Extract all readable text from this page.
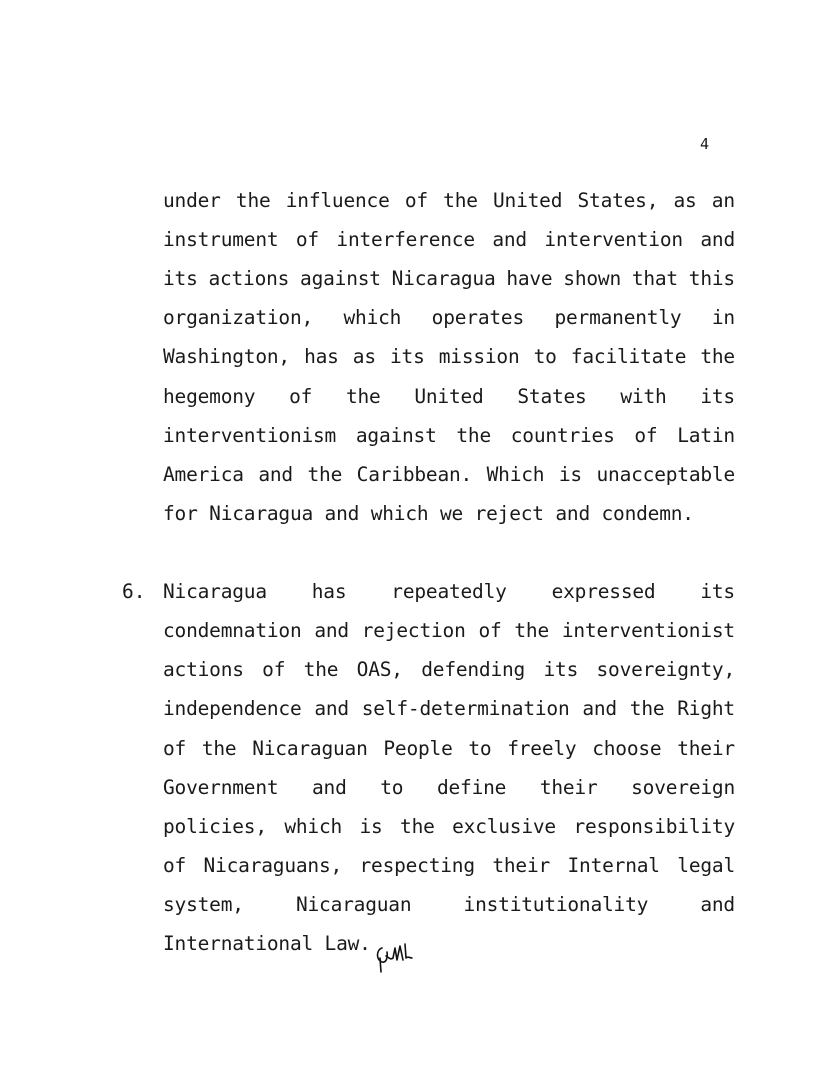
4
under the influence of the United States, as an
instrument of interference and intervention and
its actions against Nicaragua have shown that this
organization, which operates permanently in
Washington, has as its mission to facilitate the
hegemony of the United States with its
interventionism against the countries of Latin
America and the Caribbean. Which is unacceptable
for Nicaragua and which we reject and condemn.
6. Nicaragua has repeatedly expressed its
condemnation and rejection of the interventionist
actions of the OAS, defending its sovereignty,
independence and self-determination and the Right
of the Nicaraguan People to freely choose their
Government and to define their sovereign
policies, which is the exclusive responsibility
of Nicaraguans, respecting their Internal legal
system,	Nicaraguan	institutionality	and
International Law.
